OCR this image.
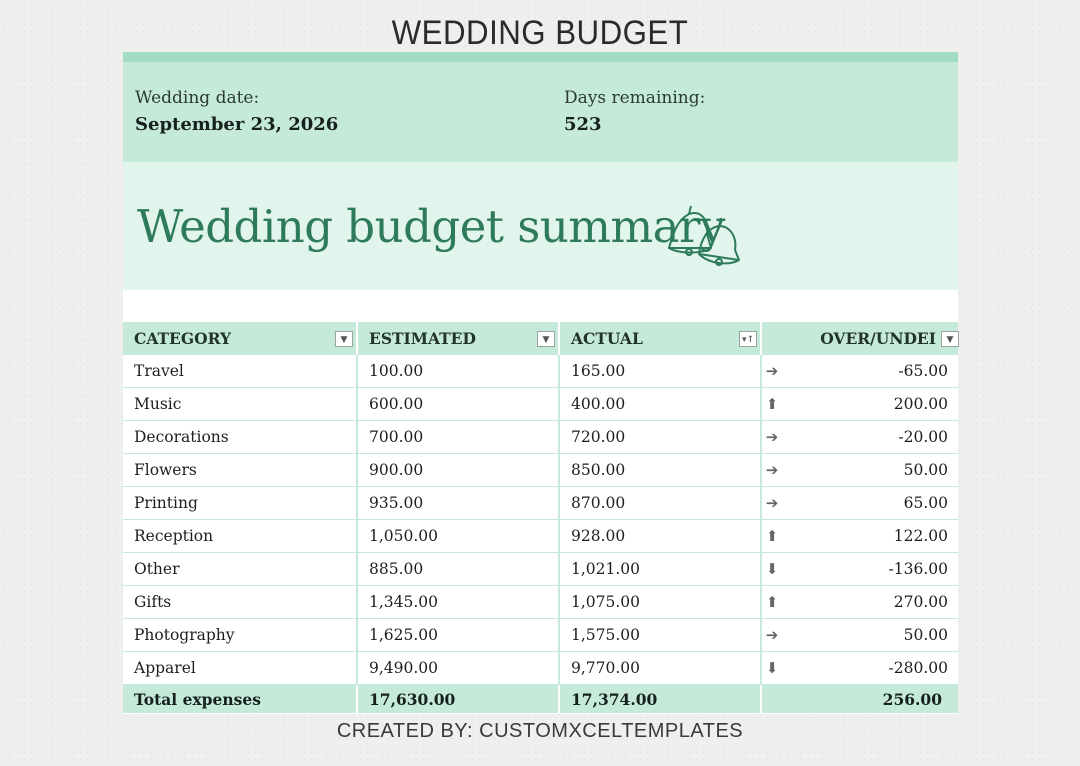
WEDDING BUDGET
Wedding date:
September 23, 2026
Days remaining:
523
Wedding budget summary
CATEGORY ▼	ESTIMATED ▼	ACTUAL ▾↑	OVER/UNDEI ▼

Travel	100.00	165.00	➔ -65.00
Music	600.00	400.00	⬆ 200.00
Decorations	700.00	720.00	➔ -20.00
Flowers	900.00	850.00	➔ 50.00
Printing	935.00	870.00	➔ 65.00
Reception	1,050.00	928.00	⬆ 122.00
Other	885.00	1,021.00	⬇ -136.00
Gifts	1,345.00	1,075.00	⬆ 270.00
Photography	1,625.00	1,575.00	➔ 50.00
Apparel	9,490.00	9,770.00	⬇ -280.00
Total expenses	17,630.00	17,374.00	256.00
CREATED BY: CUSTOMXCELTEMPLATES
